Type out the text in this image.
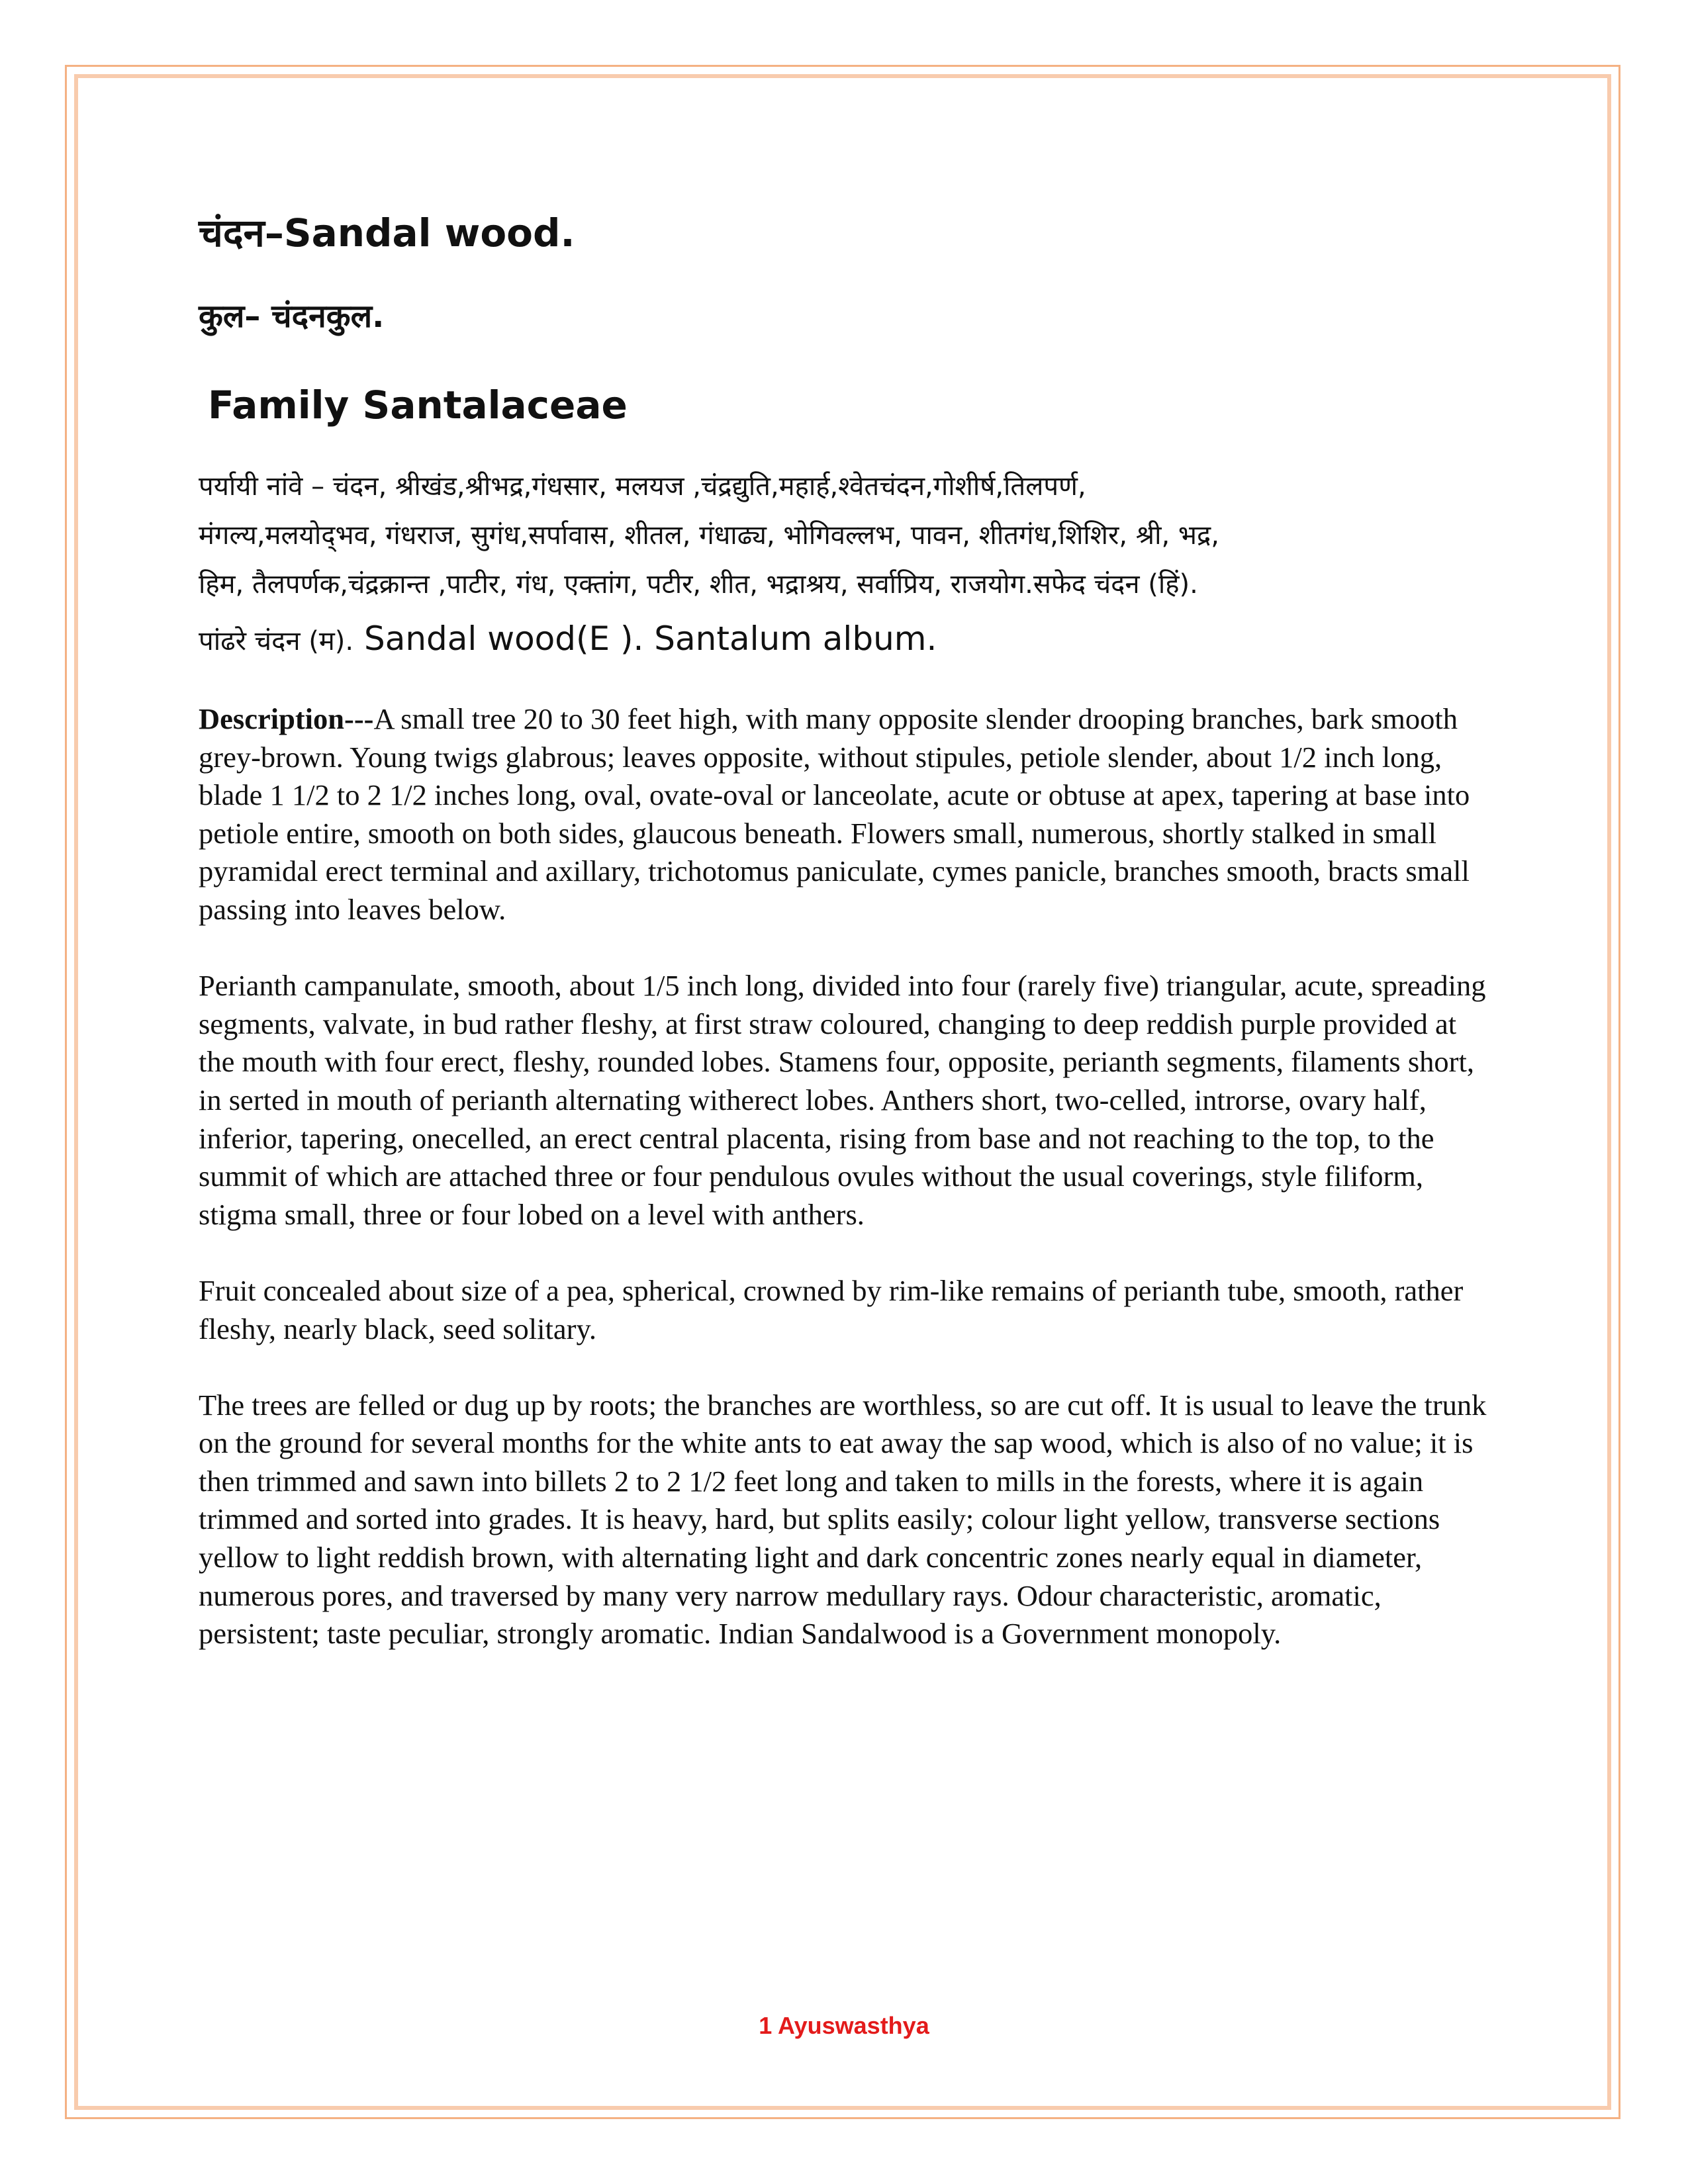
चंदन–Sandal wood.
कुल– चंदनकुल.
Family Santalaceae
पर्यायी नांवे – चंदन, श्रीखंड,श्रीभद्र,गंधसार, मलयज ,चंद्रद्युति,महार्ह,श्वेतचंदन,गोशीर्ष,तिलपर्ण,
मंगल्य,मलयोद्‌भव, गंधराज, सुगंध,सर्पावास, शीतल, गंधाढ्य, भोगिवल्लभ, पावन, शीतगंध,शिशिर, श्री, भद्र,
हिम, तैलपर्णक,चंद्रक्रान्त ,पाटीर, गंध, एक्‍तांग, पटीर, शीत, भद्राश्रय, सर्वाप्रिय, राजयोग.सफेद चंदन (हिं).
पांढरे चंदन (म). Sandal wood(E ). Santalum album.

Description---A small tree 20 to 30 feet high, with many opposite slender drooping branches, bark smooth grey-brown. Young twigs glabrous; leaves opposite, without stipules, petiole slender, about 1/2 inch long, blade 1 1/2 to 2 1/2 inches long, oval, ovate-oval or lanceolate, acute or obtuse at apex, tapering at base into petiole entire, smooth on both sides, glaucous beneath. Flowers small, numerous, shortly stalked in small pyramidal erect terminal and axillary, trichotomus paniculate, cymes panicle, branches smooth, bracts small passing into leaves below.

Perianth campanulate, smooth, about 1/5 inch long, divided into four (rarely five) triangular, acute, spreading segments, valvate, in bud rather fleshy, at first straw coloured, changing to deep reddish purple provided at the mouth with four erect, fleshy, rounded lobes. Stamens four, opposite, perianth segments, filaments short, in serted in mouth of perianth alternating witherect lobes. Anthers short, two-celled, introrse, ovary half, inferior, tapering, onecelled, an erect central placenta, rising from base and not reaching to the top, to the summit of which are attached three or four pendulous ovules without the usual coverings, style filiform, stigma small, three or four lobed on a level with anthers.

Fruit concealed about size of a pea, spherical, crowned by rim-like remains of perianth tube, smooth, rather fleshy, nearly black, seed solitary.

The trees are felled or dug up by roots; the branches are worthless, so are cut off. It is usual to leave the trunk on the ground for several months for the white ants to eat away the sap wood, which is also of no value; it is then trimmed and sawn into billets 2 to 2 1/2 feet long and taken to mills in the forests, where it is again trimmed and sorted into grades. It is heavy, hard, but splits easily; colour light yellow, transverse sections yellow to light reddish brown, with alternating light and dark concentric zones nearly equal in diameter, numerous pores, and traversed by many very narrow medullary rays. Odour characteristic, aromatic, persistent; taste peculiar, strongly aromatic. Indian Sandalwood is a Government monopoly.

1 Ayuswasthya
